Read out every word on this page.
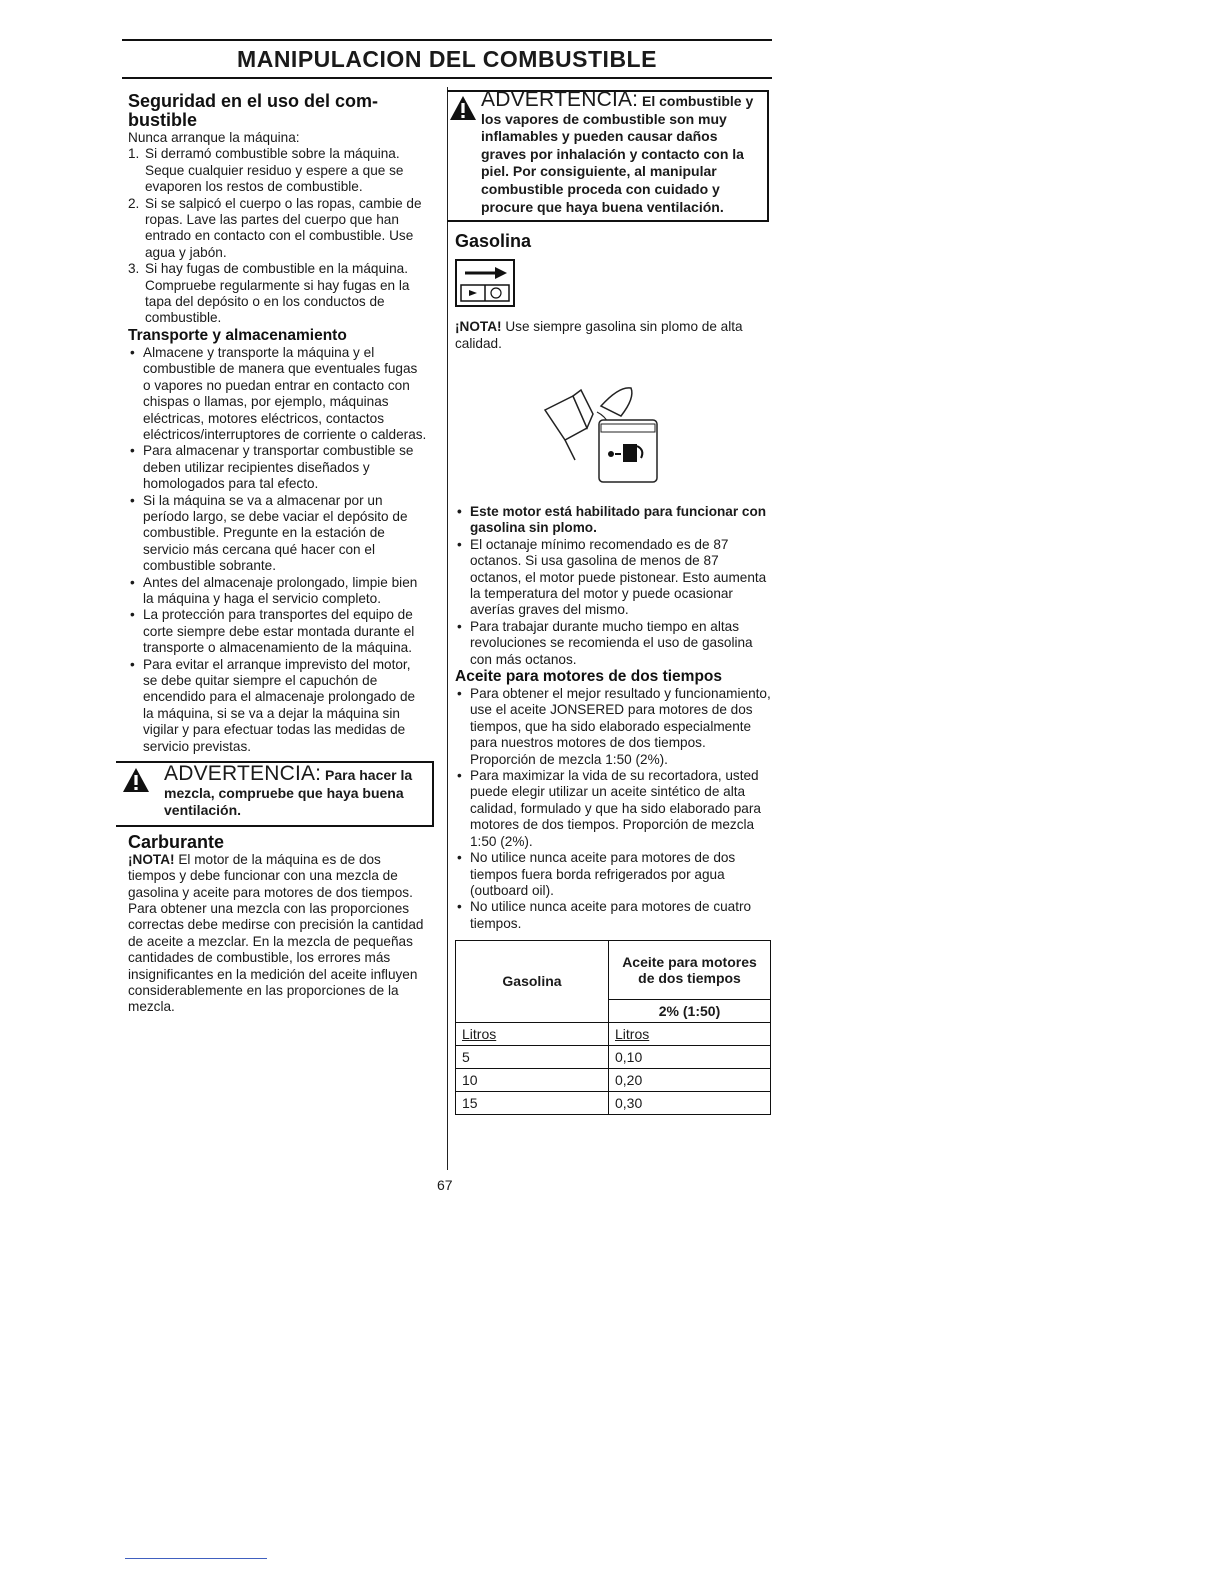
MANIPULACION DEL COMBUSTIBLE
Seguridad en el uso del com- bustible

Nunca arranque la máquina:

1. Si derramó combustible sobre la máquina. Seque cualquier residuo y espere a que se evaporen los restos de combustible.
2. Si se salpicó el cuerpo o las ropas, cambie de ropas. Lave las partes del cuerpo que han entrado en contacto con el combustible. Use agua y jabón.
3. Si hay fugas de combustible en la máquina. Compruebe regularmente si hay fugas en la tapa del depósito o en los conductos de combustible.
Transporte y almacenamiento
• Almacene y transporte la máquina y el combustible de manera que eventuales fugas o vapores no puedan entrar en contacto con chispas o llamas, por ejemplo, máquinas eléctricas, motores eléctricos, contactos eléctricos/interruptores de corriente o calderas.
• Para almacenar y transportar combustible se deben utilizar recipientes diseñados y homologados para tal efecto.
• Si la máquina se va a almacenar por un período largo, se debe vaciar el depósito de combustible. Pregunte en la estación de servicio más cercana qué hacer con el combustible sobrante.
• Antes del almacenaje prolongado, limpie bien la máquina y haga el servicio completo.
• La protección para transportes del equipo de corte siempre debe estar montada durante el transporte o almacenamiento de la máquina.
• Para evitar el arranque imprevisto del motor, se debe quitar siempre el capuchón de encendido para el almacenaje prolongado de la máquina, si se va a dejar la máquina sin vigilar y para efectuar todas las medidas de servicio previstas.
ADVERTENCIA: Para hacer la mezcla, compruebe que haya buena ventilación.
Carburante

¡NOTA! El motor de la máquina es de dos tiempos y debe funcionar con una mezcla de gasolina y aceite para motores de dos tiempos. Para obtener una mezcla con las proporciones correctas debe medirse con precisión la cantidad de aceite a mezclar. En la mezcla de pequeñas cantidades de combustible, los errores más insignificantes en la medición del aceite influyen considerablemente en las proporciones de la mezcla.

ADVERTENCIA: El combustible y los vapores de combustible son muy inflamables y pueden causar daños graves por inhalación y contacto con la piel. Por consiguiente, al manipular combustible proceda con cuidado y procure que haya buena ventilación.
Gasolina

¡NOTA! Use siempre gasolina sin plomo de alta calidad.

• Este motor está habilitado para funcionar con gasolina sin plomo.
• El octanaje mínimo recomendado es de 87 octanos. Si usa gasolina de menos de 87 octanos, el motor puede pistonear. Esto aumenta la temperatura del motor y puede ocasionar averías graves del mismo.
• Para trabajar durante mucho tiempo en altas revoluciones se recomienda el uso de gasolina con más octanos.
Aceite para motores de dos tiempos
• Para obtener el mejor resultado y funcionamiento, use el aceite JONSERED para motores de dos tiempos, que ha sido elaborado especialmente para nuestros motores de dos tiempos. Proporción de mezcla 1:50 (2%).
• Para maximizar la vida de su recortadora, usted puede elegir utilizar un aceite sintético de alta calidad, formulado y que ha sido elaborado para motores de dos tiempos. Proporción de mezcla 1:50 (2%).
• No utilice nunca aceite para motores de dos tiempos fuera borda refrigerados por agua (outboard oil).
• No utilice nunca aceite para motores de cuatro tiempos.
Gasolina	Aceite para motores de dos tiempos
	2% (1:50)
Litros	Litros
5	0,10
10	0,20
15	0,30
67
